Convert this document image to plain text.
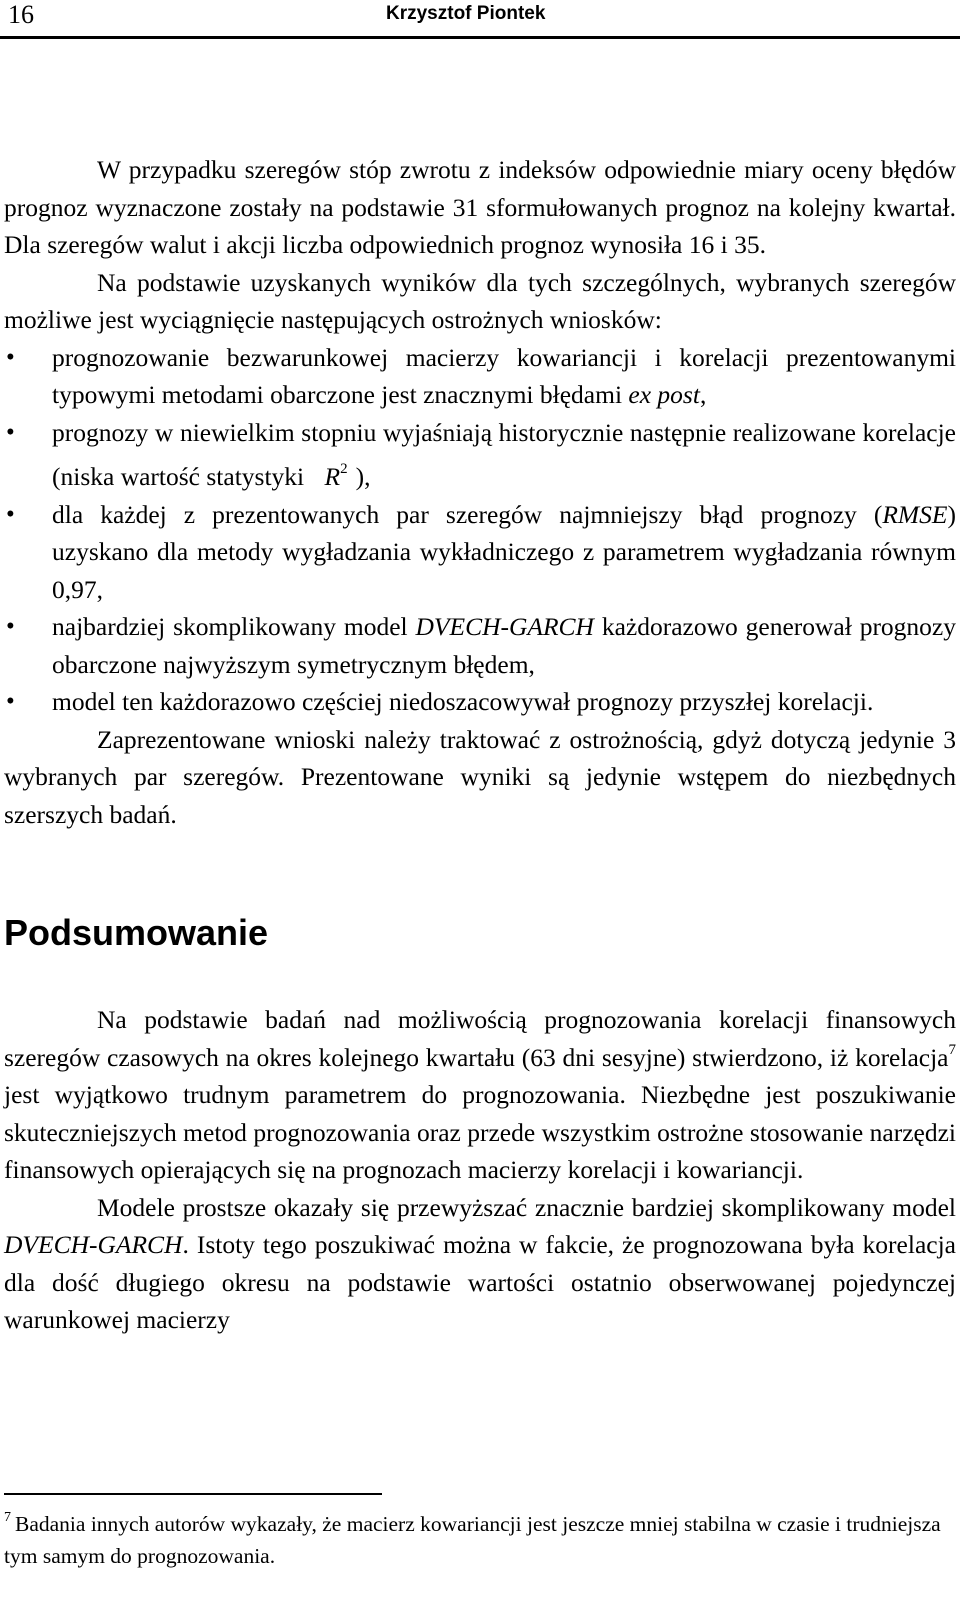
16	Krzysztof Piontek

W przypadku szeregów stóp zwrotu z indeksów odpowiednie miary oceny błędów prognoz wyznaczone zostały na podstawie 31 sformułowanych prognoz na kolejny kwartał. Dla szeregów walut i akcji liczba odpowiednich prognoz wynosiła 16 i 35.

Na podstawie uzyskanych wyników dla tych szczególnych, wybranych szeregów możliwe jest wyciągnięcie następujących ostrożnych wniosków:

• prognozowanie bezwarunkowej macierzy kowariancji i korelacji prezentowanymi typowymi metodami obarczone jest znacznymi błędami ex post,
• prognozy w niewielkim stopniu wyjaśniają historycznie następnie realizowane korelacje (niska wartość statystyki $R^2$ ),
• dla każdej z prezentowanych par szeregów najmniejszy błąd prognozy (RMSE) uzyskano dla metody wygładzania wykładniczego z parametrem wygładzania równym 0,97,
• najbardziej skomplikowany model DVECH-GARCH każdorazowo generował prognozy obarczone najwyższym symetrycznym błędem,
• model ten każdorazowo częściej niedoszacowywał prognozy przyszłej korelacji.

Zaprezentowane wnioski należy traktować z ostrożnością, gdyż dotyczą jedynie 3 wybranych par szeregów. Prezentowane wyniki są jedynie wstępem do niezbędnych szerszych badań.

Podsumowanie

Na podstawie badań nad możliwością prognozowania korelacji finansowych szeregów czasowych na okres kolejnego kwartału (63 dni sesyjne) stwierdzono, iż korelacja$^7$ jest wyjątkowo trudnym parametrem do prognozowania. Niezbędne jest poszukiwanie skuteczniejszych metod prognozowania oraz przede wszystkim ostrożne stosowanie narzędzi finansowych opierających się na prognozach macierzy korelacji i kowariancji.

Modele prostsze okazały się przewyższać znacznie bardziej skomplikowany model DVECH-GARCH. Istoty tego poszukiwać można w fakcie, że prognozowana była korelacja dla dość długiego okresu na podstawie wartości ostatnio obserwowanej pojedynczej warunkowej macierzy

$^7$ Badania innych autorów wykazały, że macierz kowariancji jest jeszcze mniej stabilna w czasie i trudniejsza tym samym do prognozowania.
